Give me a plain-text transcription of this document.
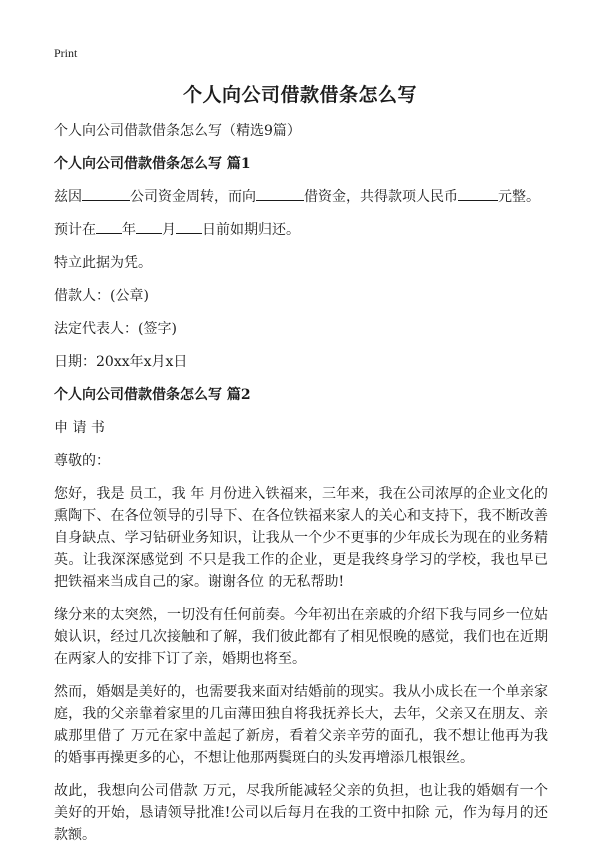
Print
个人向公司借款借条怎么写

个人向公司借款借条怎么写（精选9篇）

个人向公司借款借条怎么写 篇1

兹因	公司资金周转，而向	借资金，共得款项人民币	元整。

预计在 年 月 日前如期归还。

特立此据为凭。

借款人：(公章)

法定代表人：(签字)

日期：20xx年x月x日

个人向公司借款借条怎么写 篇2

申 请 书

尊敬的：

您好，我是 员工，我 年 月份进入铁福来，三年来，我在公司浓厚的企业文化的熏陶下、在各位领导的引导下、在各位铁福来家人的关心和支持下，我不断改善自身缺点、学习钻研业务知识，让我从一个少不更事的少年成长为现在的业务精英。让我深深感觉到 不只是我工作的企业，更是我终身学习的学校，我也早已把铁福来当成自己的家。谢谢各位 的无私帮助!

缘分来的太突然，一切没有任何前奏。今年初出在亲戚的介绍下我与同乡一位姑娘认识，经过几次接触和了解，我们彼此都有了相见恨晚的感觉，我们也在近期在两家人的安排下订了亲，婚期也将至。

然而，婚姻是美好的，也需要我来面对结婚前的现实。我从小成长在一个单亲家庭，我的父亲靠着家里的几亩薄田独自将我抚养长大，去年，父亲又在朋友、亲戚那里借了 万元在家中盖起了新房，看着父亲辛劳的面孔，我不想让他再为我的婚事再操更多的心，不想让他那两鬓斑白的头发再增添几根银丝。

故此，我想向公司借款 万元，尽我所能减轻父亲的负担，也让我的婚姻有一个美好的开始，恳请领导批准!公司以后每月在我的工资中扣除 元，作为每月的还款额。
